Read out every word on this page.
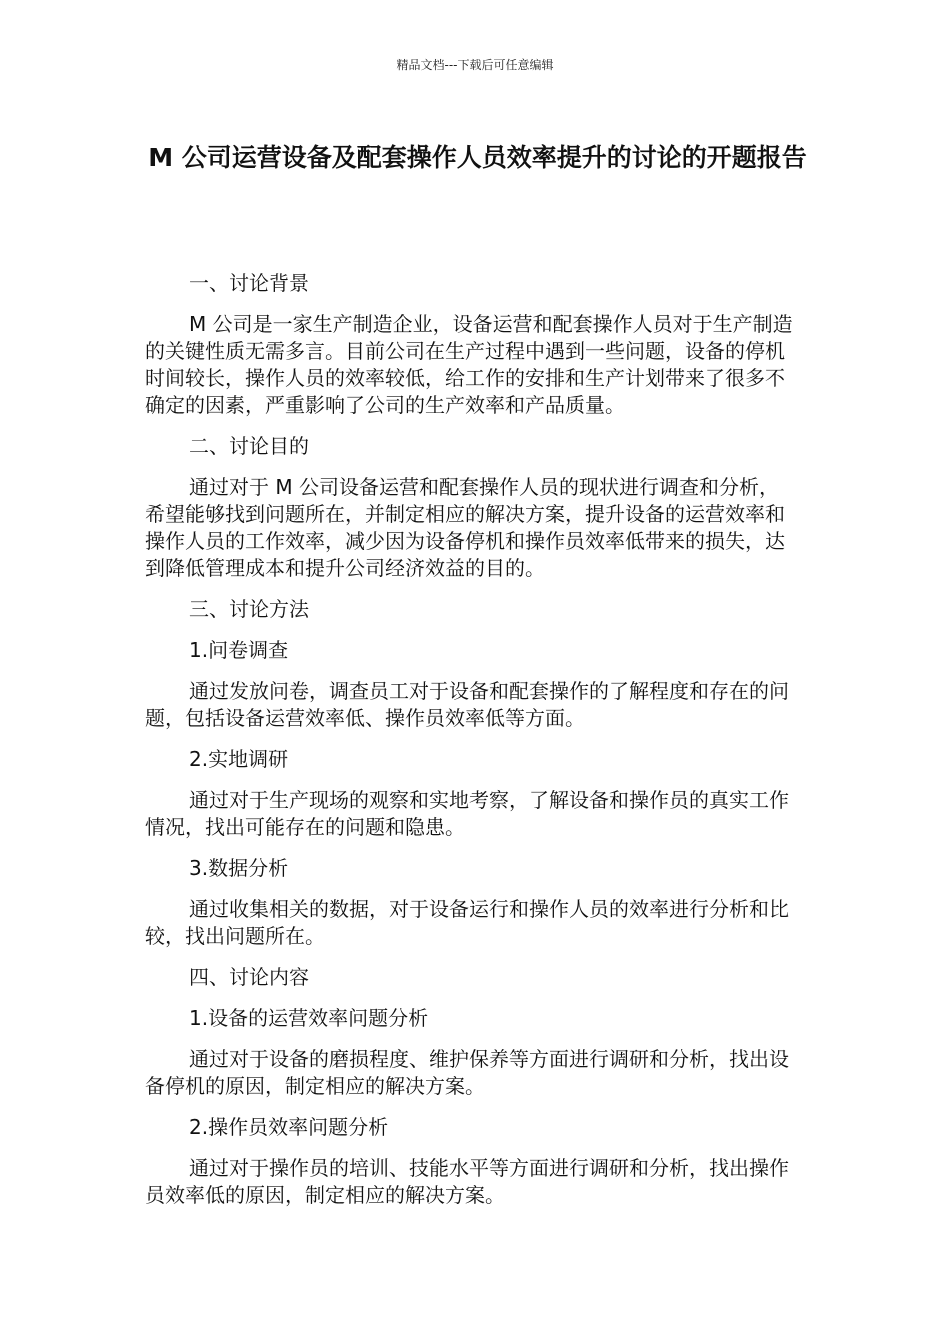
精品文档---下载后可任意编辑
M 公司运营设备及配套操作人员效率提升的讨论的开题报告

一、讨论背景

M 公司是一家生产制造企业，设备运营和配套操作人员对于生产制造的关键性质无需多言。目前公司在生产过程中遇到一些问题，设备的停机时间较长，操作人员的效率较低，给工作的安排和生产计划带来了很多不确定的因素，严重影响了公司的生产效率和产品质量。

二、讨论目的

通过对于 M 公司设备运营和配套操作人员的现状进行调查和分析，希望能够找到问题所在，并制定相应的解决方案，提升设备的运营效率和操作人员的工作效率，减少因为设备停机和操作员效率低带来的损失，达到降低管理成本和提升公司经济效益的目的。

三、讨论方法

1.问卷调查

通过发放问卷，调查员工对于设备和配套操作的了解程度和存在的问题，包括设备运营效率低、操作员效率低等方面。

2.实地调研

通过对于生产现场的观察和实地考察，了解设备和操作员的真实工作情况，找出可能存在的问题和隐患。

3.数据分析

通过收集相关的数据，对于设备运行和操作人员的效率进行分析和比较，找出问题所在。

四、讨论内容

1.设备的运营效率问题分析

通过对于设备的磨损程度、维护保养等方面进行调研和分析，找出设备停机的原因，制定相应的解决方案。

2.操作员效率问题分析

通过对于操作员的培训、技能水平等方面进行调研和分析，找出操作员效率低的原因，制定相应的解决方案。
